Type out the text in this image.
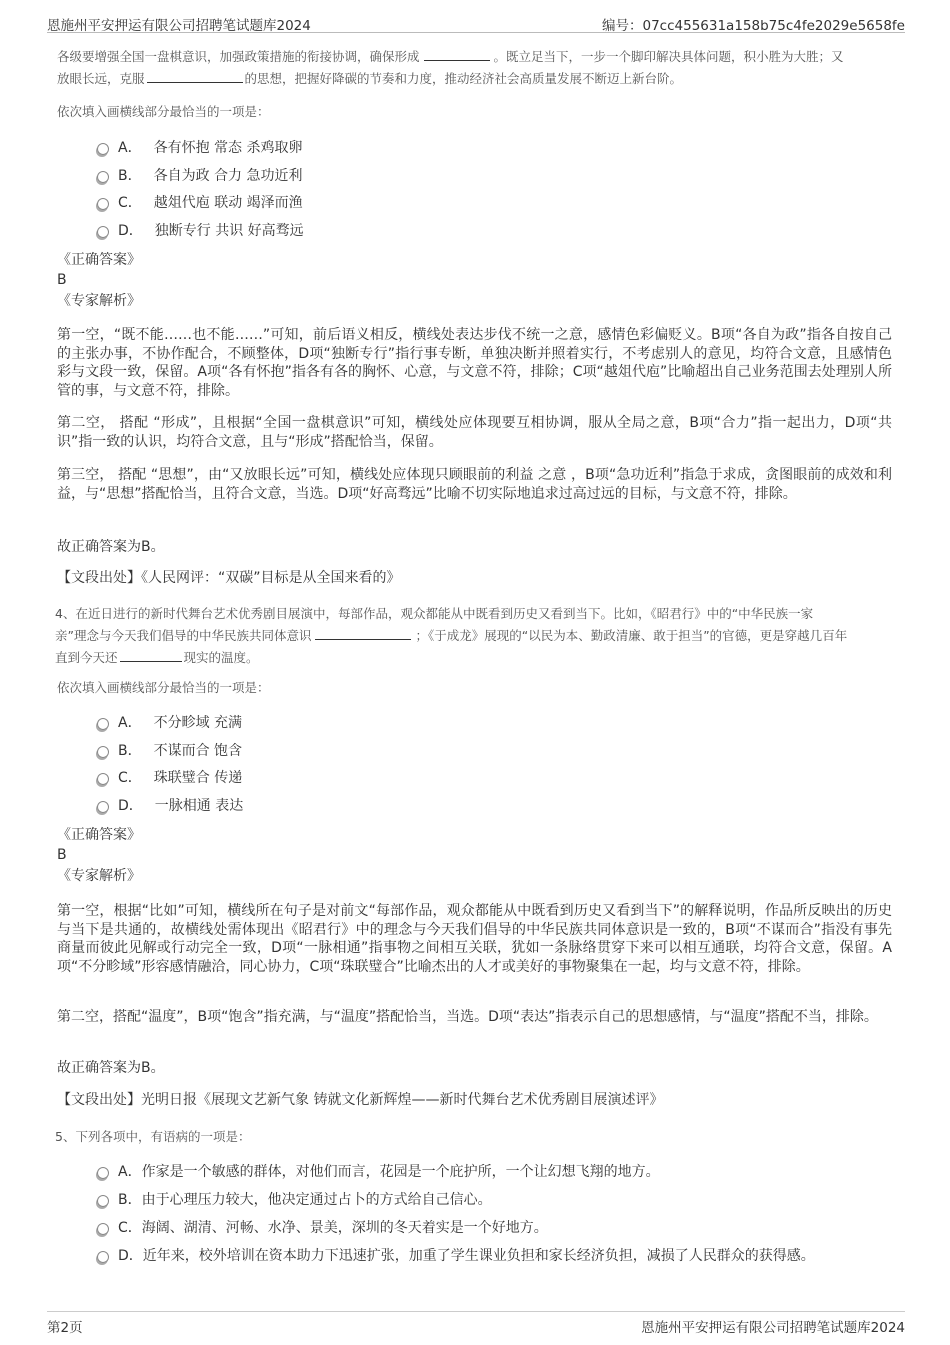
恩施州平安押运有限公司招聘笔试题库2024	编号：07cc455631a158b75c4fe2029e5658fe
各级要增强全国一盘棋意识，加强政策措施的衔接协调，确保形成	。既立足当下，一步一个脚印解决具体问题，积小胜为大胜；又
放眼长远，克服	的思想，把握好降碳的节奏和力度，推动经济社会高质量发展不断迈上新台阶。
依次填入画横线部分最恰当的一项是：
A． 各有怀抱 常态 杀鸡取卵
B． 各自为政 合力 急功近利
C． 越俎代庖 联动 竭泽而渔
D． 独断专行 共识 好高骛远
《正确答案》
B
《专家解析》
第一空，“既不能……也不能……”可知，前后语义相反，横线处表达步伐不统一之意，感情色彩偏贬义。B项“各自为政”指各自按自己的主张办事，不协作配合，不顾整体，D项“独断专行”指行事专断，单独决断并照着实行，不考虑别人的意见，均符合文意，且感情色彩与文段一致，保留。A项“各有怀抱”指各有各的胸怀、心意，与文意不符，排除；C项“越俎代庖”比喻超出自己业务范围去处理别人所管的事，与文意不符，排除。
第二空， 搭配 “形成”，且根据“全国一盘棋意识”可知，横线处应体现要互相协调，服从全局之意，B项“合力”指一起出力，D项“共识”指一致的认识，均符合文意，且与“形成”搭配恰当，保留。
第三空， 搭配 “思想”，由“又放眼长远”可知，横线处应体现只顾眼前的利益 之意 ，B项“急功近利”指急于求成，贪图眼前的成效和利益，与“思想”搭配恰当，且符合文意，当选。D项“好高骛远”比喻不切实际地追求过高过远的目标，与文意不符，排除。
故正确答案为B。
【文段出处】《人民网评：“双碳”目标是从全国来看的》
4、在近日进行的新时代舞台艺术优秀剧目展演中，每部作品，观众都能从中既看到历史又看到当下。比如，《昭君行》中的“中华民族一家
亲”理念与今天我们倡导的中华民族共同体意识	；《于成龙》展现的“以民为本、勤政清廉、敢于担当”的官德，更是穿越几百年
直到今天还	现实的温度。
依次填入画横线部分最恰当的一项是：
A． 不分畛域 充满
B． 不谋而合 饱含
C． 珠联璧合 传递
D． 一脉相通 表达
《正确答案》
B
《专家解析》
第一空，根据“比如”可知，横线所在句子是对前文“每部作品，观众都能从中既看到历史又看到当下”的解释说明，作品所反映出的历史与当下是共通的，故横线处需体现出《昭君行》中的理念与今天我们倡导的中华民族共同体意识是一致的，B项“不谋而合”指没有事先商量而彼此见解或行动完全一致，D项“一脉相通”指事物之间相互关联，犹如一条脉络贯穿下来可以相互通联，均符合文意，保留。A项“不分畛域”形容感情融洽，同心协力，C项“珠联璧合”比喻杰出的人才或美好的事物聚集在一起，均与文意不符，排除。
第二空，搭配“温度”，B项“饱含”指充满，与“温度”搭配恰当，当选。D项“表达”指表示自己的思想感情，与“温度”搭配不当，排除。
故正确答案为B。
【文段出处】光明日报《展现文艺新气象 铸就文化新辉煌——新时代舞台艺术优秀剧目展演述评》
5、下列各项中，有语病的一项是：
A．作家是一个敏感的群体，对他们而言，花园是一个庇护所，一个让幻想飞翔的地方。
B．由于心理压力较大，他决定通过占卜的方式给自己信心。
C．海阔、湖清、河畅、水净、景美，深圳的冬天着实是一个好地方。
D．近年来，校外培训在资本助力下迅速扩张，加重了学生课业负担和家长经济负担，减损了人民群众的获得感。
第2页	恩施州平安押运有限公司招聘笔试题库2024
